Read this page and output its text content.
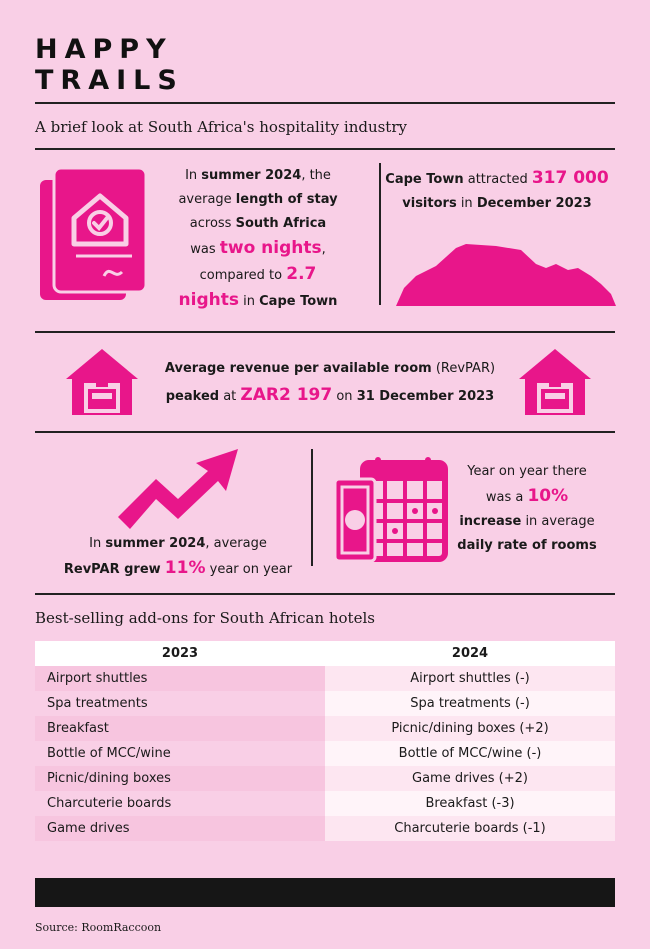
HAPPY
TRAILS
A brief look at South Africa's hospitality industry
In summer 2024, the
average length of stay
across South Africa
was two nights,
compared to 2.7
nights in Cape Town
Cape Town attracted 317 000
visitors in December 2023
Average revenue per available room (RevPAR)
peaked at ZAR2 197 on 31 December 2023
In summer 2024, average
RevPAR grew 11% year on year
Year on year there
was a 10%
increase in average
daily rate of rooms
Best-selling add-ons for South African hotels
2023	2024
Airport shuttles	Airport shuttles (-)
Spa treatments	Spa treatments (-)
Breakfast	Picnic/dining boxes (+2)
Bottle of MCC/wine	Bottle of MCC/wine (-)
Picnic/dining boxes	Game drives (+2)
Charcuterie boards	Breakfast (-3)
Game drives	Charcuterie boards (-1)
Source: RoomRaccoon
